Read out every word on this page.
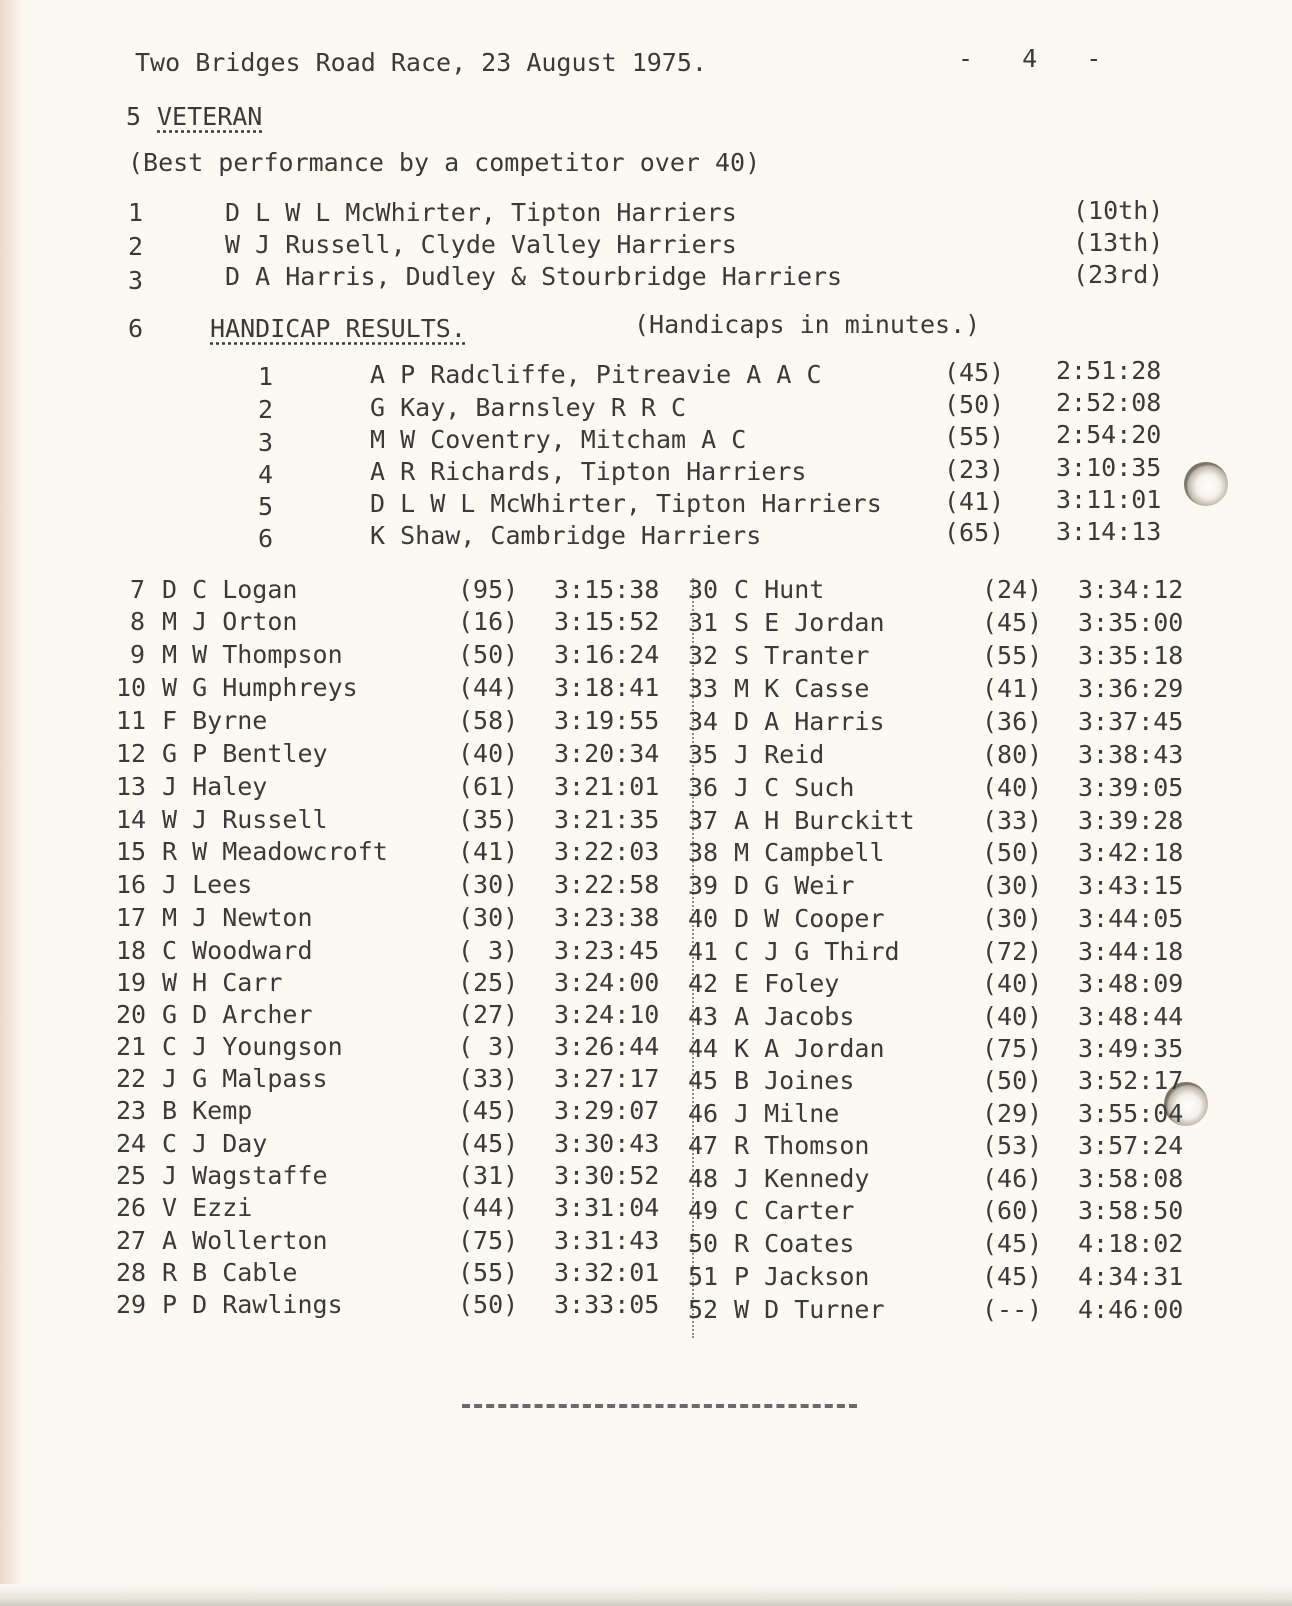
Two Bridges Road Race, 23 August 1975.	- 4 -
5 VETERAN
(Best performance by a competitor over 40)
1	D L W L McWhirter, Tipton Harriers	(10th)
2	W J Russell, Clyde Valley Harriers	(13th)
3	D A Harris, Dudley & Stourbridge Harriers	(23rd)
6	HANDICAP RESULTS.	(Handicaps in minutes.)
1	A P Radcliffe, Pitreavie A A C	(45) 2:51:28
2	G Kay, Barnsley R R C	(50) 2:52:08
3	M W Coventry, Mitcham A C	(55) 2:54:20
4	A R Richards, Tipton Harriers	(23) 3:10:35
5	D L W L McWhirter, Tipton Harriers (41) 3:11:01
6	K Shaw, Cambridge Harriers	(65) 3:14:13
7 D C Logan	(95) 3:15:38
8 M J Orton	(16) 3:15:52
9 M W Thompson	(50) 3:16:24
10 W G Humphreys	(44) 3:18:41
11 F Byrne	(58) 3:19:55
12 G P Bentley	(40) 3:20:34
13 J Haley	(61) 3:21:01
14 W J Russell	(35) 3:21:35
15 R W Meadowcroft	(41) 3:22:03
16 J Lees	(30) 3:22:58
17 M J Newton	(30) 3:23:38
18 C Woodward	( 3) 3:23:45
19 W H Carr	(25) 3:24:00
20 G D Archer	(27) 3:24:10
21 C J Youngson	( 3) 3:26:44
22 J G Malpass	(33) 3:27:17
23 B Kemp	(45) 3:29:07
24 C J Day	(45) 3:30:43
25 J Wagstaffe	(31) 3:30:52
26 V Ezzi	(44) 3:31:04
27 A Wollerton	(75) 3:31:43
28 R B Cable	(55) 3:32:01
29 P D Rawlings	(50) 3:33:05
30 C Hunt	(24) 3:34:12
31 S E Jordan	(45) 3:35:00
32 S Tranter	(55) 3:35:18
33 M K Casse	(41) 3:36:29
34 D A Harris	(36) 3:37:45
35 J Reid	(80) 3:38:43
36 J C Such	(40) 3:39:05
37 A H Burckitt	(33) 3:39:28
38 M Campbell	(50) 3:42:18
39 D G Weir	(30) 3:43:15
40 D W Cooper	(30) 3:44:05
41 C J G Third	(72) 3:44:18
42 E Foley	(40) 3:48:09
43 A Jacobs	(40) 3:48:44
44 K A Jordan	(75) 3:49:35
45 B Joines	(50) 3:52:17
46 J Milne	(29) 3:55:04
47 R Thomson	(53) 3:57:24
48 J Kennedy	(46) 3:58:08
49 C Carter	(60) 3:58:50
50 R Coates	(45) 4:18:02
51 P Jackson	(45) 4:34:31
52 W D Turner	(--) 4:46:00
